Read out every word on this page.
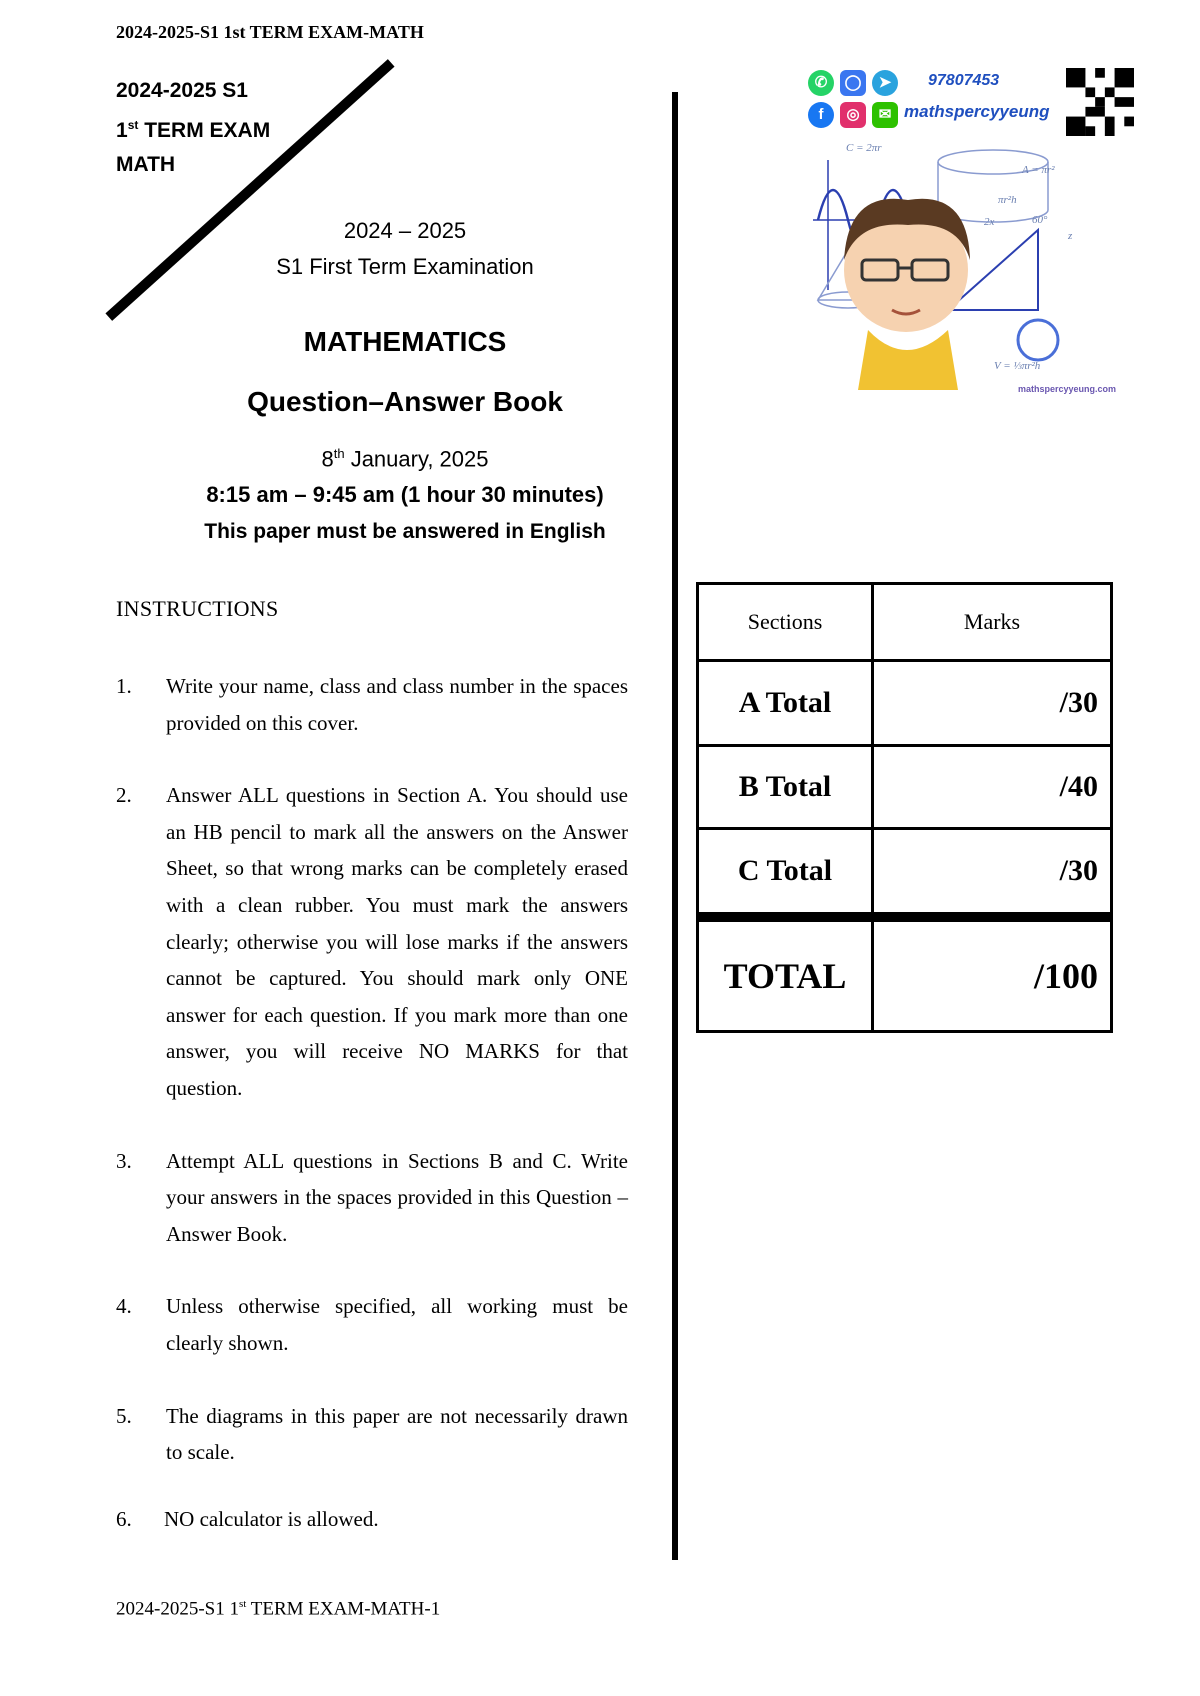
2024-2025-S1 1st TERM EXAM-MATH
2024-2025 S1
1st TERM EXAM
MATH
2024 – 2025
S1 First Term Examination
MATHEMATICS
Question–Answer Book
8th January, 2025
8:15 am – 9:45 am (1 hour 30 minutes)
This paper must be answered in English
INSTRUCTIONS
1.	Write your name, class and class number in the spaces provided on this cover.
2.	Answer ALL questions in Section A. You should use an HB pencil to mark all the answers on the Answer Sheet, so that wrong marks can be completely erased with a clean rubber. You must mark the answers clearly; otherwise you will lose marks if the answers cannot be captured. You should mark only ONE answer for each question. If you mark more than one answer, you will receive NO MARKS for that question.
3.	Attempt ALL questions in Sections B and C. Write your answers in the spaces provided in this Question – Answer Book.
4.	Unless otherwise specified, all working must be clearly shown.
5.	The diagrams in this paper are not necessarily drawn to scale.
6.	NO calculator is allowed.
2024-2025-S1 1st TERM EXAM-MATH-1
✆	◯	➤
f	◎	✉
97807453
mathspercyyeung
C = 2πr
A = πr²
πr²h
60°
V = ⅓πr²h
2x
z
mathspercyyeung.com
Sections	Marks
A Total	/30
B Total	/40
C Total	/30
TOTAL	/100
